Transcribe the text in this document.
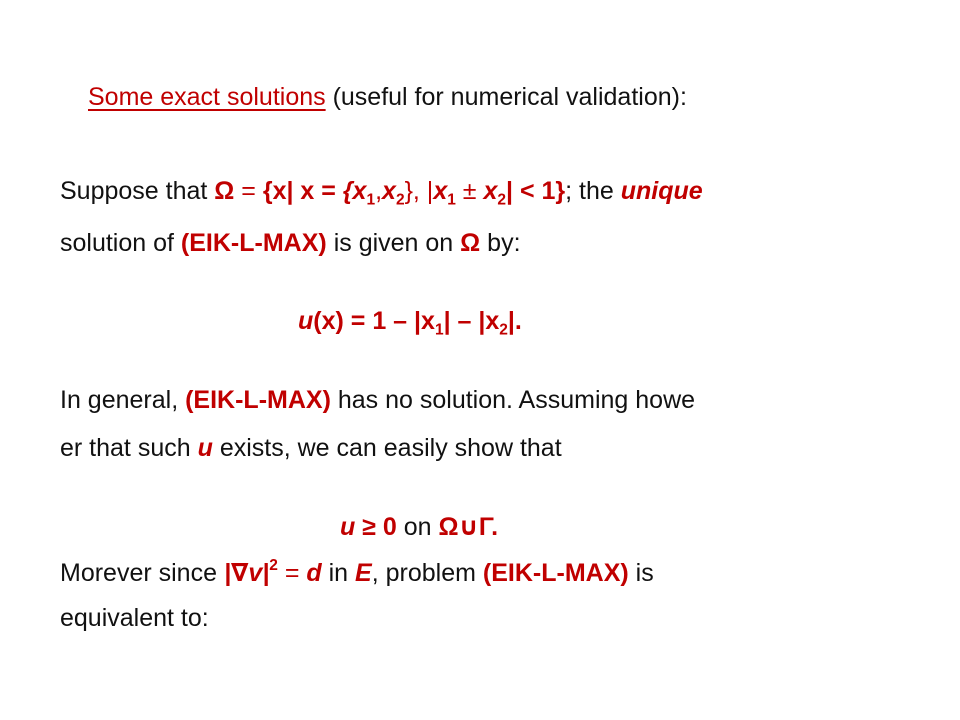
Some exact solutions (useful for numerical validation):
Suppose that Ω = {x| $x = \{x_1,x_2\}$, $|x_1 \pm x_2| < 1$}; the unique
solution of (EIK-L-MAX) is given on Ω by:
$u(x) = 1 - |x_1| - |x_2|$.
In general, (EIK-L-MAX) has no solution. Assuming howe
er that such u exists, we can easily show that
u ≥ 0 on Ω∪Γ.
Morever since $|\nabla v|^2 = d$ in E, problem (EIK-L-MAX) is
equivalent to:
